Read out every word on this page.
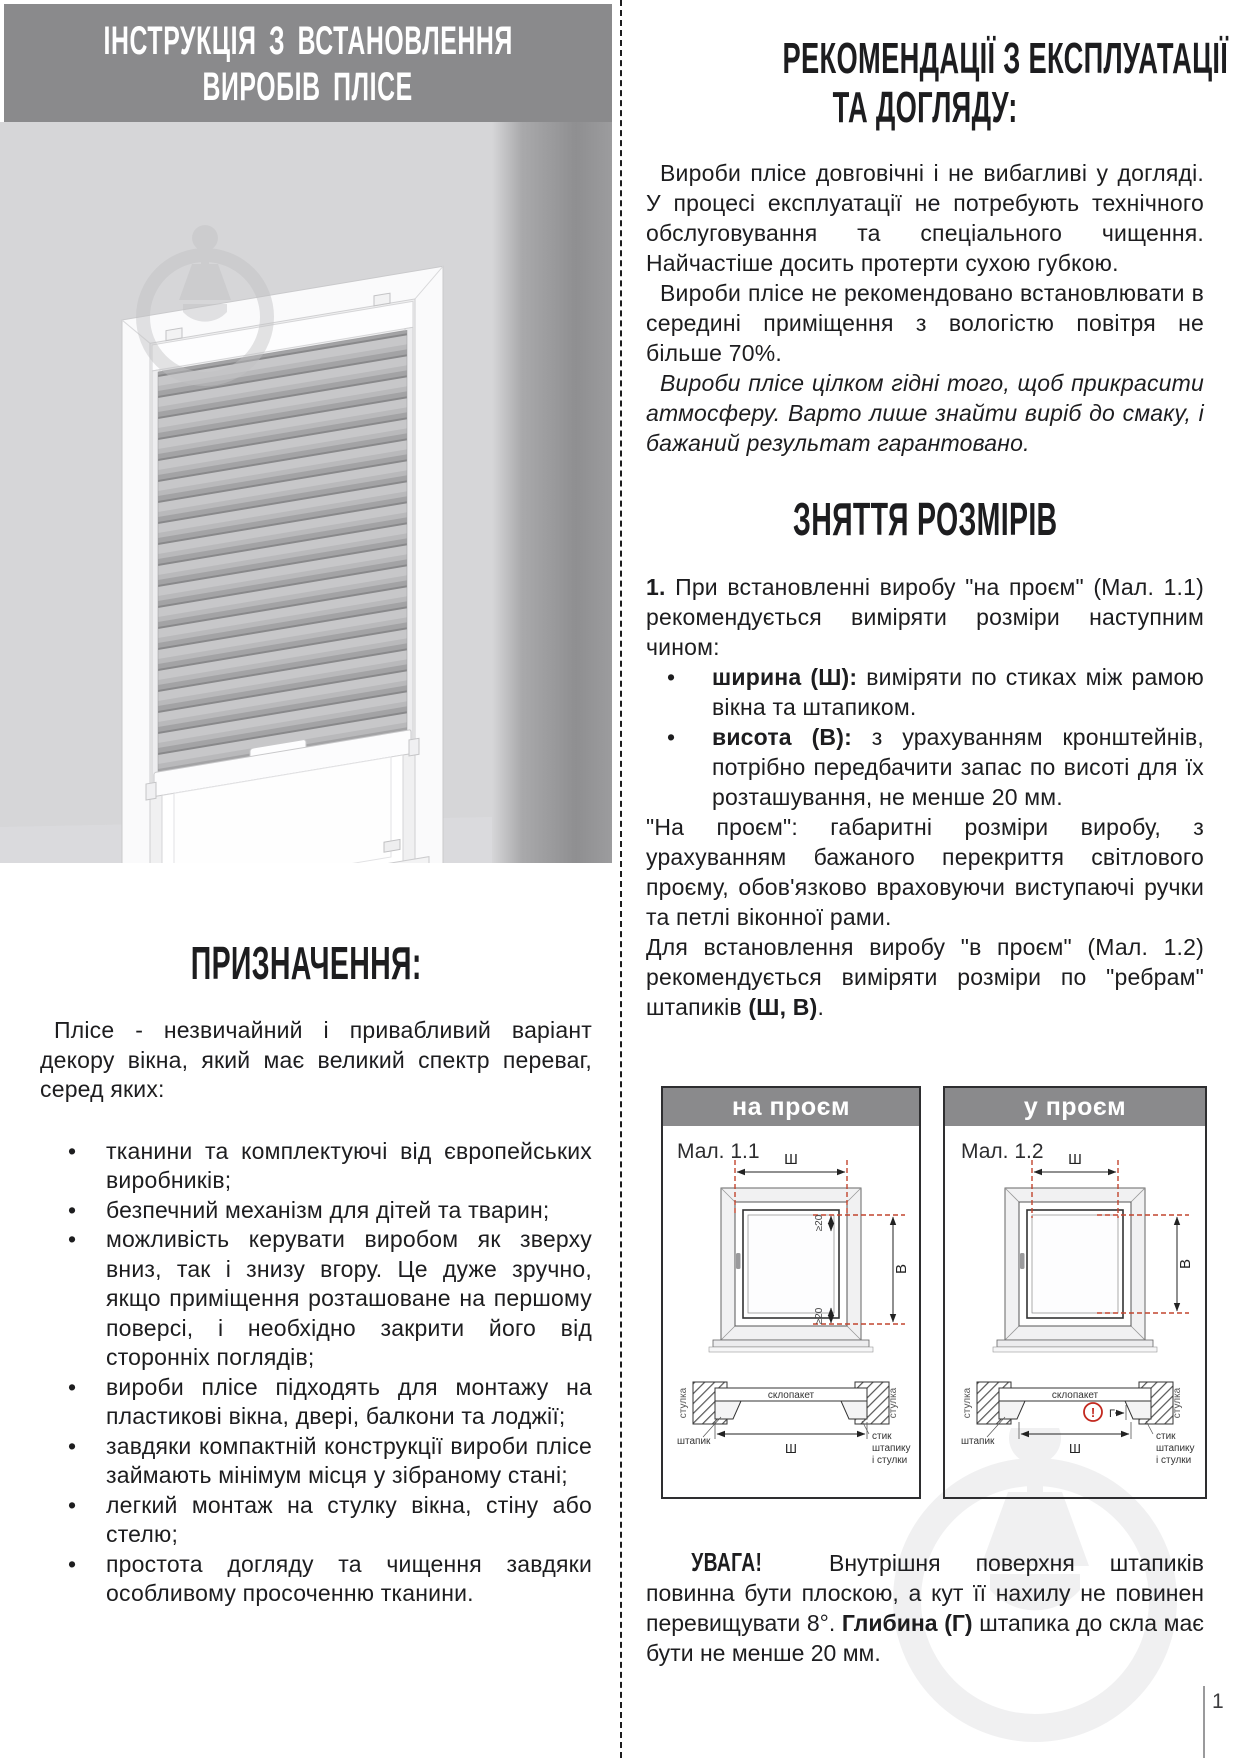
ІНСТРУКЦІЯ З ВСТАНОВЛЕННЯ
ВИРОБІВ ПЛІСЕ
ПРИЗНАЧЕННЯ:

Плісе - незвичайний і привабливий варіант декору вікна, який має великий спектр переваг, серед яких:

• тканини та комплектуючі від європейських виробників;
• безпечний механізм для дітей та тварин;
• можливість керувати виробом як зверху вниз, так і знизу вгору. Це дуже зручно, якщо приміщення розташоване на першому поверсі, і необхідно закрити його від сторонніх поглядів;
• вироби плісе підходять для монтажу на пластикові вікна, двері, балкони та лоджії;
• завдяки компактній конструкції вироби плісе займають мінімум місця у зібраному стані;
• легкий монтаж на стулку вікна, стіну або стелю;
• простота догляду та чищення завдяки особливому просоченню тканини.
РЕКОМЕНДАЦІЇ З ЕКСПЛУАТАЦІЇ
ТА ДОГЛЯДУ:

Вироби плісе довговічні і не вибагливі у догляді. У процесі експлуатації не потребують технічного обслуговування та спеціального чищення. Найчастіше досить протерти сухою губкою.

Вироби плісе не рекомендовано встановлювати в середині приміщення з вологістю повітря не більше 70%.

Вироби плісе цілком гідні того, щоб прикрасити атмосферу. Варто лише знайти виріб до смаку, і бажаний результат гарантовано.

ЗНЯТТЯ РОЗМІРІВ

1. При встановленні виробу "на проєм" (Мал. 1.1) рекомендується виміряти розміри наступним чином:

• ширина (Ш): виміряти по стиках між рамою вікна та штапиком.
• висота (В): з урахуванням кронштейнів, потрібно передбачити запас по висоті для їх розташування, не менше 20 мм.

"На проєм": габаритні розміри виробу, з урахуванням бажаного перекриття світлового проєму, обов'язково враховуючи виступаючі ручки та петлі віконної рами.

Для встановлення виробу "в проєм" (Мал. 1.2) рекомендується виміряти розміри по "ребрам" штапиків (Ш, В).

на проєм
Мал. 1.1 Ш
В
≥20
≥20
склопакет
стулка	стулка
штапик	Ш
стик
штапику
і стулки
у проєм
Мал. 1.2 Ш
В
! Г
склопакет
стулка	стулка
штапик	Ш
стик
штапику
і стулки

УВАГА! Внутрішня поверхня штапиків повинна бути плоскою, а кут її нахилу не повинен перевищувати 8°. Глибина (Г) штапика до скла має бути не менше 20 мм.

1
